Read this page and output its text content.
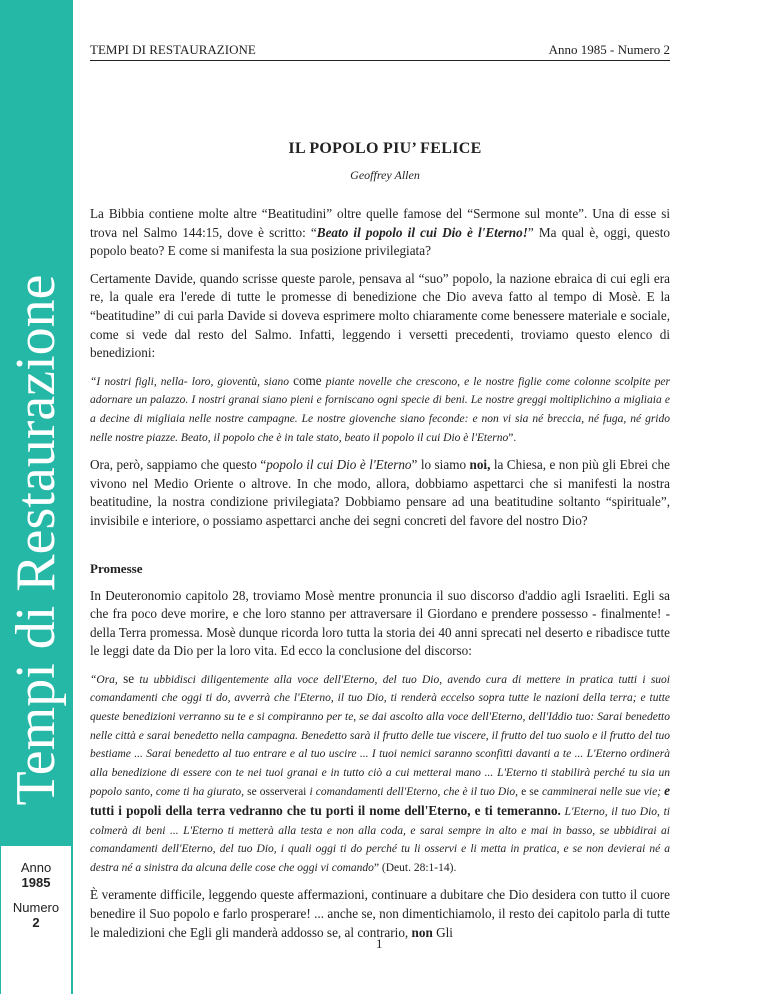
Tempi di Restaurazione
Anno
1985
Numero
2
TEMPI DI RESTAURAZIONE	Anno 1985 - Numero 2
IL POPOLO PIU’ FELICE
Geoffrey Allen

La Bibbia contiene molte altre “Beatitudini” oltre quelle famose del “Sermone sul monte”. Una di esse si trova nel Salmo 144:15, dove è scritto: “Beato il popolo il cui Dio è l'Eterno!” Ma qual è, oggi, questo popolo beato? E come si manifesta la sua posizione privilegiata?

Certamente Davide, quando scrisse queste parole, pensava al “suo” popolo, la nazione ebraica di cui egli era re, la quale era l'erede di tutte le promesse di benedizione che Dio aveva fatto al tempo di Mosè. E la “beatitudine” di cui parla Davide si doveva esprimere molto chiaramente come benessere materiale e sociale, come si vede dal resto del Salmo. Infatti, leggendo i versetti precedenti, troviamo questo elenco di benedizioni:

“I nostri figli, nella- loro, gioventù, siano come piante novelle che crescono, e le nostre figlie come colonne scolpite per adornare un palazzo. I nostri granai siano pieni e forniscano ogni specie di beni. Le nostre greggi moltiplichino a migliaia e a decine di migliaia nelle nostre campagne. Le nostre giovenche siano feconde: e non vi sia né breccia, né fuga, né grido nelle nostre piazze. Beato, il popolo che è in tale stato, beato il popolo il cui Dio è l'Eterno”.

Ora, però, sappiamo che questo “popolo il cui Dio è l'Eterno” lo siamo noi, la Chiesa, e non più gli Ebrei che vivono nel Medio Oriente o altrove. In che modo, allora, dobbiamo aspettarci che si manifesti la nostra beatitudine, la nostra condizione privilegiata? Dobbiamo pensare ad una beatitudine soltanto “spirituale”, invisibile e interiore, o possiamo aspettarci anche dei segni concreti del favore del nostro Dio?

Promesse

In Deuteronomio capitolo 28, troviamo Mosè mentre pronuncia il suo discorso d'addio agli Israeliti. Egli sa che fra poco deve morire, e che loro stanno per attraversare il Giordano e prendere possesso - finalmente! - della Terra promessa. Mosè dunque ricorda loro tutta la storia dei 40 anni sprecati nel deserto e ribadisce tutte le leggi date da Dio per la loro vita. Ed ecco la conclusione del discorso:

“Ora, se tu ubbidisci diligentemente alla voce dell'Eterno, del tuo Dio, avendo cura di mettere in pratica tutti i suoi comandamenti che oggi ti do, avverrà che l'Eterno, il tuo Dio, ti renderà eccelso sopra tutte le nazioni della terra; e tutte queste benedizioni verranno su te e si compiranno per te, se dai ascolto alla voce dell'Eterno, dell'Iddio tuo: Sarai benedetto nelle città e sarai benedetto nella campagna. Benedetto sarà il frutto delle tue viscere, il frutto del tuo suolo e il frutto del tuo bestiame ... Sarai benedetto al tuo entrare e al tuo uscire ... I tuoi nemici saranno sconfitti davanti a te ... L'Eterno ordinerà alla benedizione di essere con te nei tuoi granai e in tutto ciò a cui metterai mano ... L'Eterno ti stabilirà perché tu sia un popolo santo, come ti ha giurato, se osserverai i comandamenti dell'Eterno, che è il tuo Dio, e se camminerai nelle sue vie; e tutti i popoli della terra vedranno che tu porti il nome dell'Eterno, e ti temeranno. L'Eterno, il tuo Dio, ti colmerà di beni ... L'Eterno ti metterà alla testa e non alla coda, e sarai sempre in alto e mai in basso, se ubbidirai ai comandamenti dell'Eterno, del tuo Dio, i quali oggi ti do perché tu li osservi e li metta in pratica, e se non devierai né a destra né a sinistra da alcuna delle cose che oggi vi comando” (Deut. 28:1-14).

È veramente difficile, leggendo queste affermazioni, continuare a dubitare che Dio desidera con tutto il cuore benedire il Suo popolo e farlo prosperare! ... anche se, non dimentichiamolo, il resto dei capitolo parla di tutte le maledizioni che Egli gli manderà addosso se, al contrario, non Gli

1
